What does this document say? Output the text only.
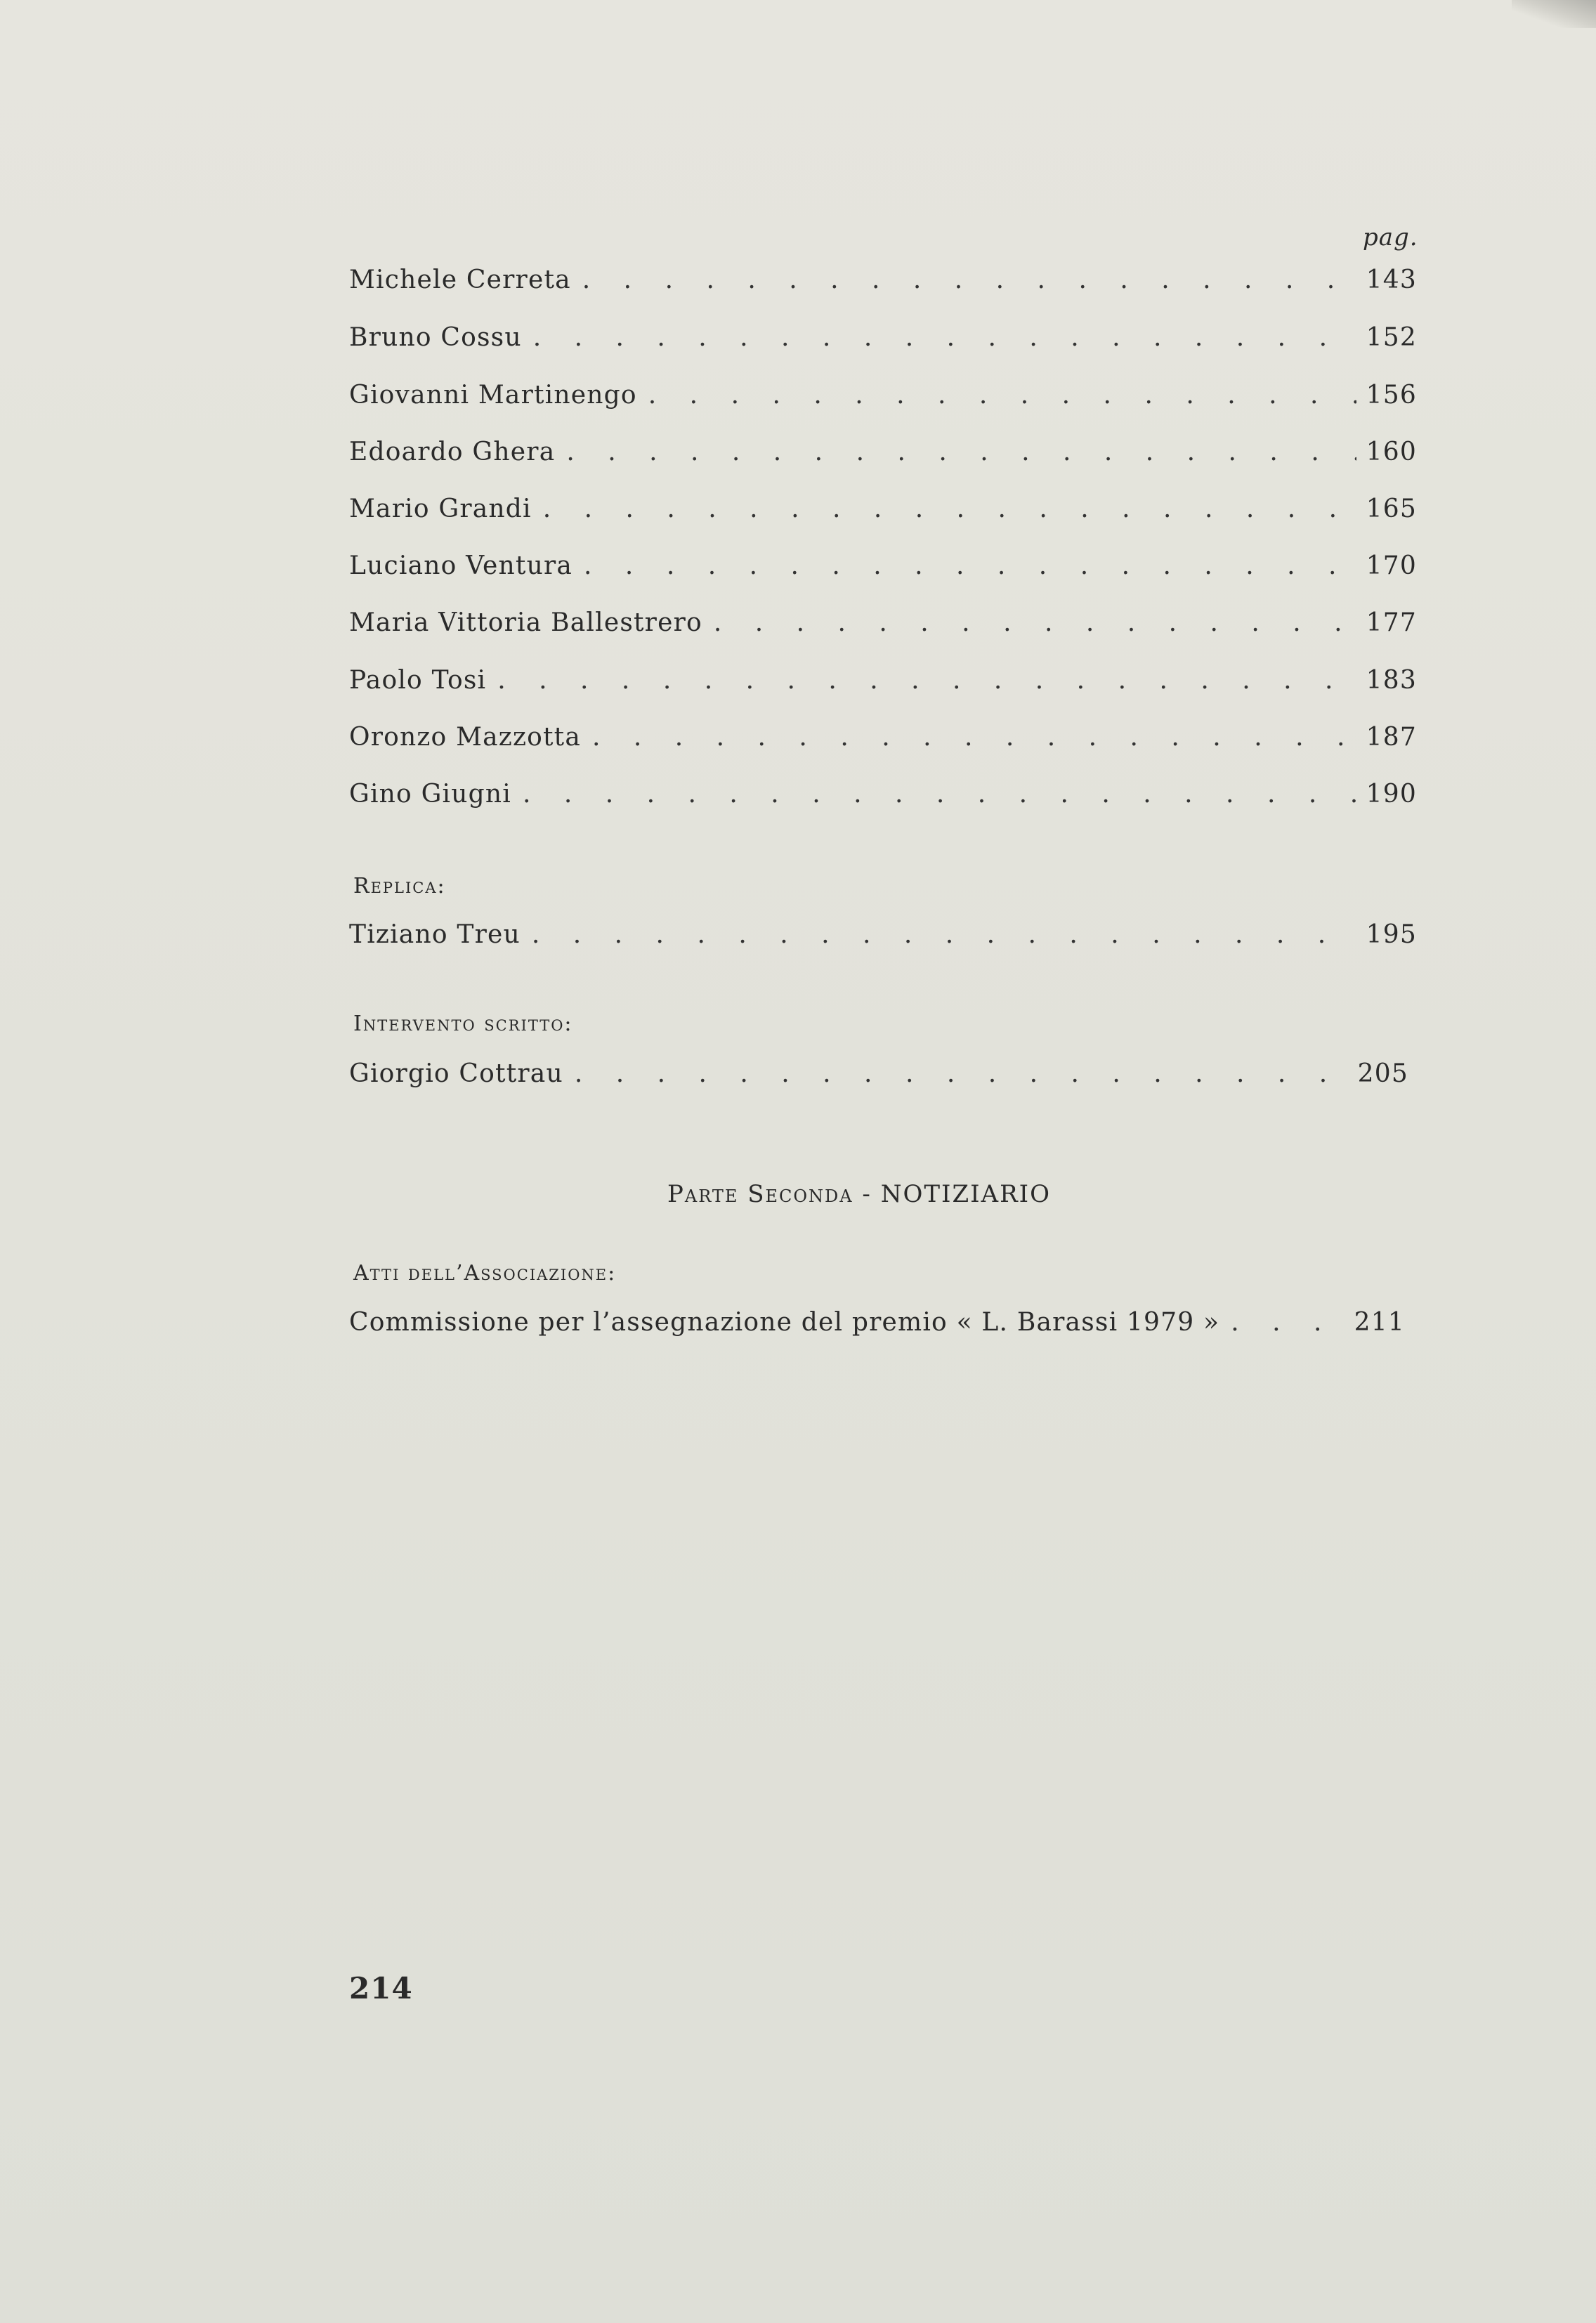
pag.
Michele Cerreta . . .	143
Bruno Cossu . . .	152
Giovanni Martinengo . . .	156
Edoardo Ghera . . .	160
Mario Grandi . . .	165
Luciano Ventura . . .	170
Maria Vittoria Ballestrero . . .	177
Paolo Tosi . . .	183
Oronzo Mazzotta . . .	187
Gino Giugni . . .	190
Replica:
Tiziano Treu . . .	195
Intervento scritto:
Giorgio Cottrau . . .	205
Parte Seconda - NOTIZIARIO
Atti dell’Associazione:
Commissione per l’assegnazione del premio « L. Barassi 1979 » . . .	211
214
